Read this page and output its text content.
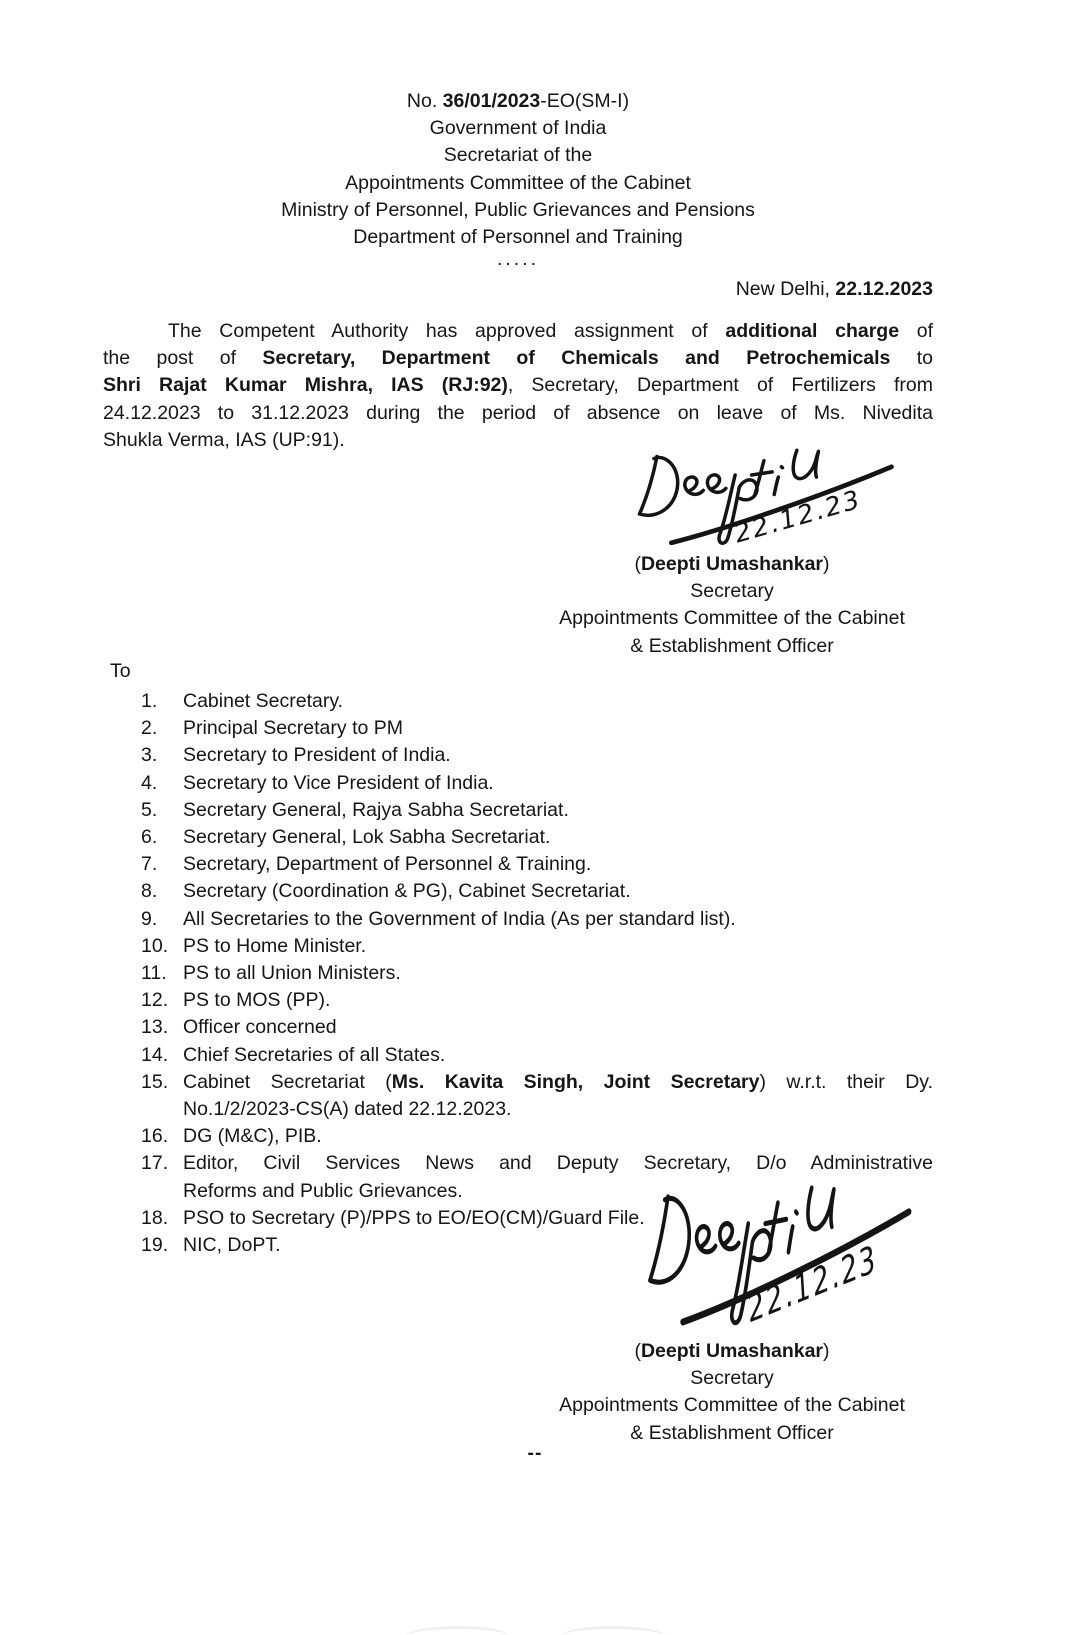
No. 36/01/2023-EO(SM-I)
Government of India
Secretariat of the
Appointments Committee of the Cabinet
Ministry of Personnel, Public Grievances and Pensions
Department of Personnel and Training
.....
New Delhi, 22.12.2023
The Competent Authority has approved assignment of additional charge of
the post of Secretary, Department of Chemicals and Petrochemicals to
Shri Rajat Kumar Mishra, IAS (RJ:92), Secretary, Department of Fertilizers from
24.12.2023 to 31.12.2023 during the period of absence on leave of Ms. Nivedita
Shukla Verma, IAS (UP:91).
22.12.23
(Deepti Umashankar)
Secretary
Appointments Committee of the Cabinet
& Establishment Officer
To
Cabinet Secretary.
Principal Secretary to PM
Secretary to President of India.
Secretary to Vice President of India.
Secretary General, Rajya Sabha Secretariat.
Secretary General, Lok Sabha Secretariat.
Secretary, Department of Personnel & Training.
Secretary (Coordination & PG), Cabinet Secretariat.
All Secretaries to the Government of India (As per standard list).
PS to Home Minister.
PS to all Union Ministers.
PS to MOS (PP).
Officer concerned
Chief Secretaries of all States.
Cabinet Secretariat (Ms. Kavita Singh, Joint Secretary) w.r.t. their Dy.
No.1/2/2023-CS(A) dated 22.12.2023.
DG (M&C), PIB.
Editor, Civil Services News and Deputy Secretary, D/o Administrative
Reforms and Public Grievances.
PSO to Secretary (P)/PPS to EO/EO(CM)/Guard File.
NIC, DoPT.	22.12.23
(Deepti Umashankar)
Secretary
Appointments Committee of the Cabinet
& Establishment Officer
--
